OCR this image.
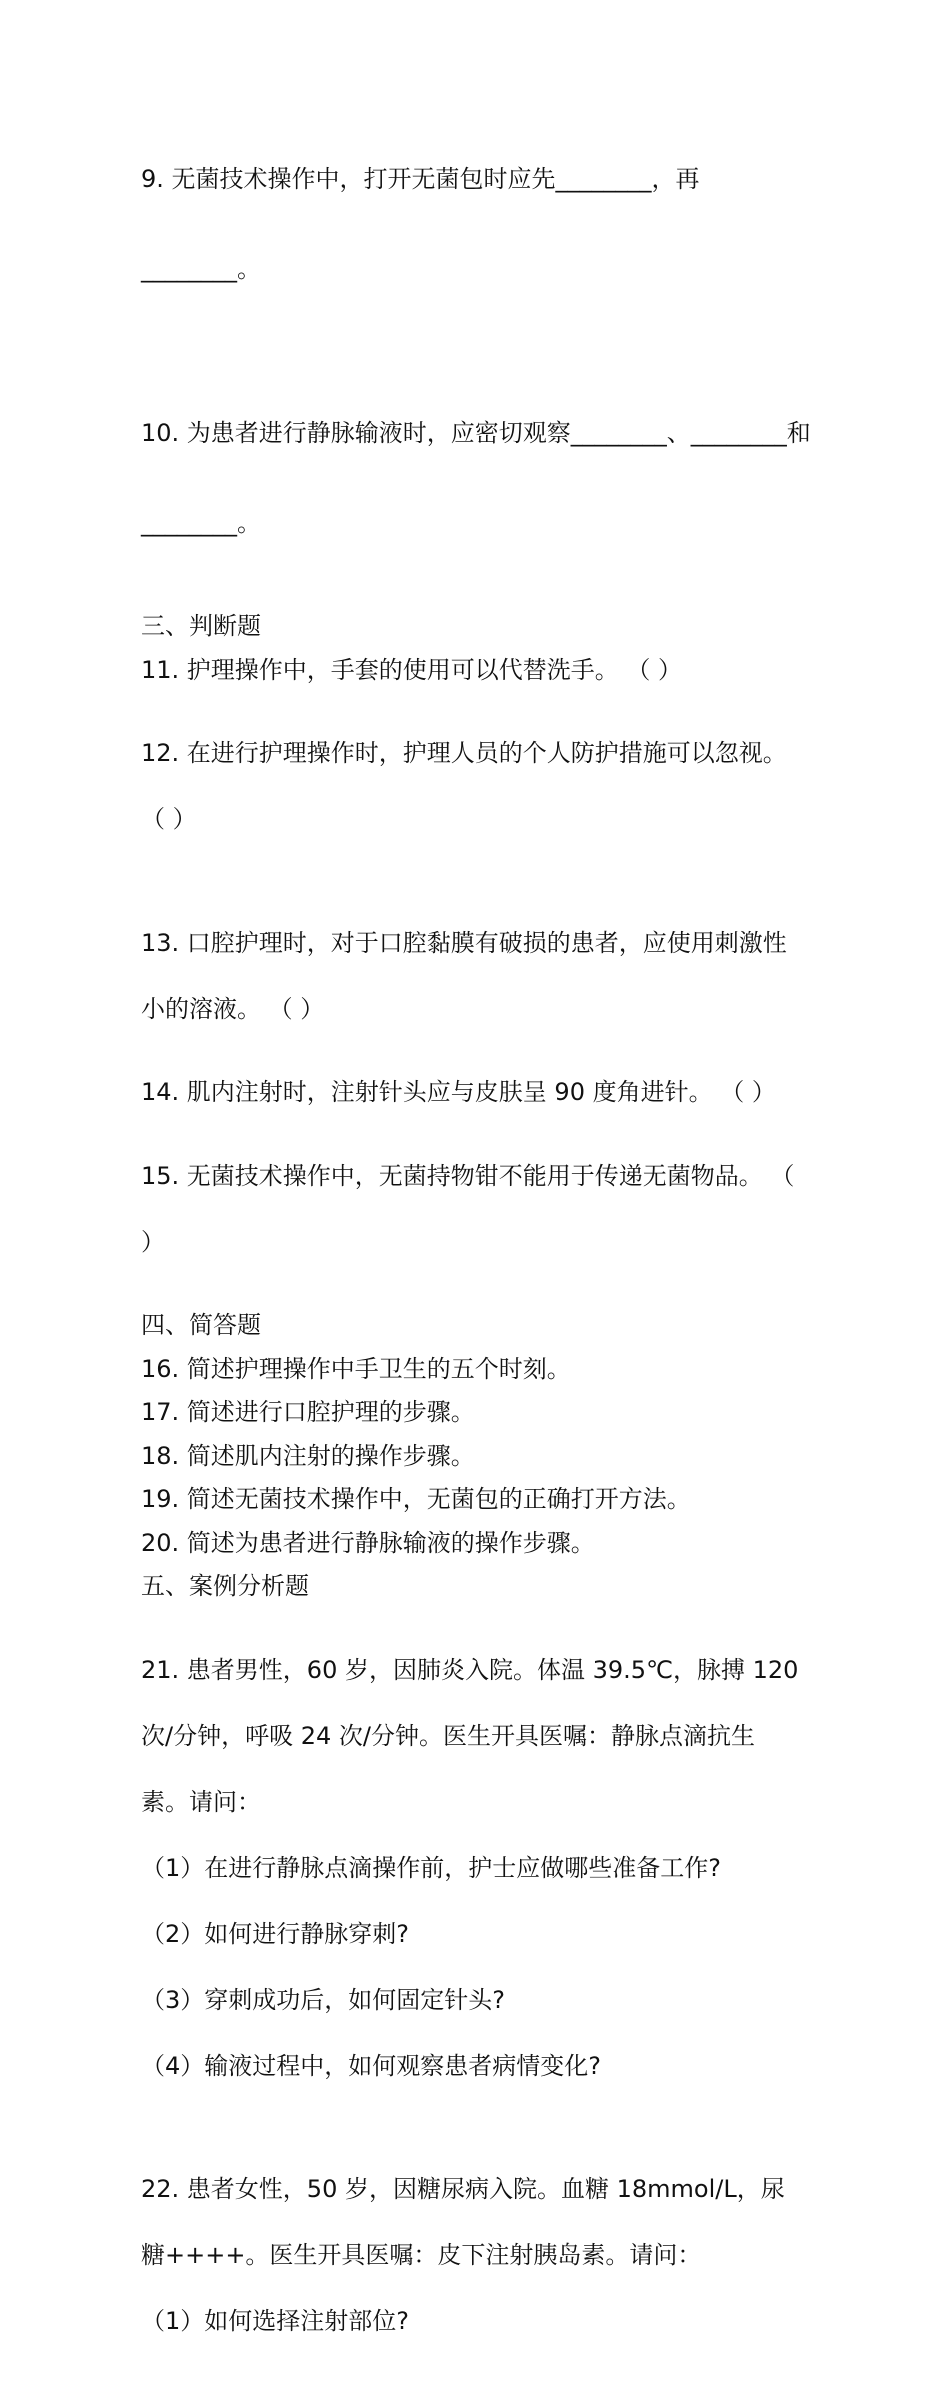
9. 无菌技术操作中，打开无菌包时应先________，再

________。

10. 为患者进行静脉输液时，应密切观察________、________和

________。

三、判断题
11. 护理操作中，手套的使用可以代替洗手。 （ ）

12. 在进行护理操作时，护理人员的个人防护措施可以忽视。

（ ）

13. 口腔护理时，对于口腔黏膜有破损的患者，应使用刺激性

小的溶液。 （ ）

14. 肌内注射时，注射针头应与皮肤呈 90 度角进针。 （ ）

15. 无菌技术操作中，无菌持物钳不能用于传递无菌物品。 （

）

四、简答题
16. 简述护理操作中手卫生的五个时刻。
17. 简述进行口腔护理的步骤。
18. 简述肌内注射的操作步骤。
19. 简述无菌技术操作中，无菌包的正确打开方法。
20. 简述为患者进行静脉输液的操作步骤。
五、案例分析题

21. 患者男性，60 岁，因肺炎入院。体温 39.5℃，脉搏 120

次/分钟，呼吸 24 次/分钟。医生开具医嘱：静脉点滴抗生

素。请问：

（1）在进行静脉点滴操作前，护士应做哪些准备工作?

（2）如何进行静脉穿刺?

（3）穿刺成功后，如何固定针头?

（4）输液过程中，如何观察患者病情变化?

22. 患者女性，50 岁，因糖尿病入院。血糖 18mmol/L，尿

糖++++。医生开具医嘱：皮下注射胰岛素。请问：

（1）如何选择注射部位?
